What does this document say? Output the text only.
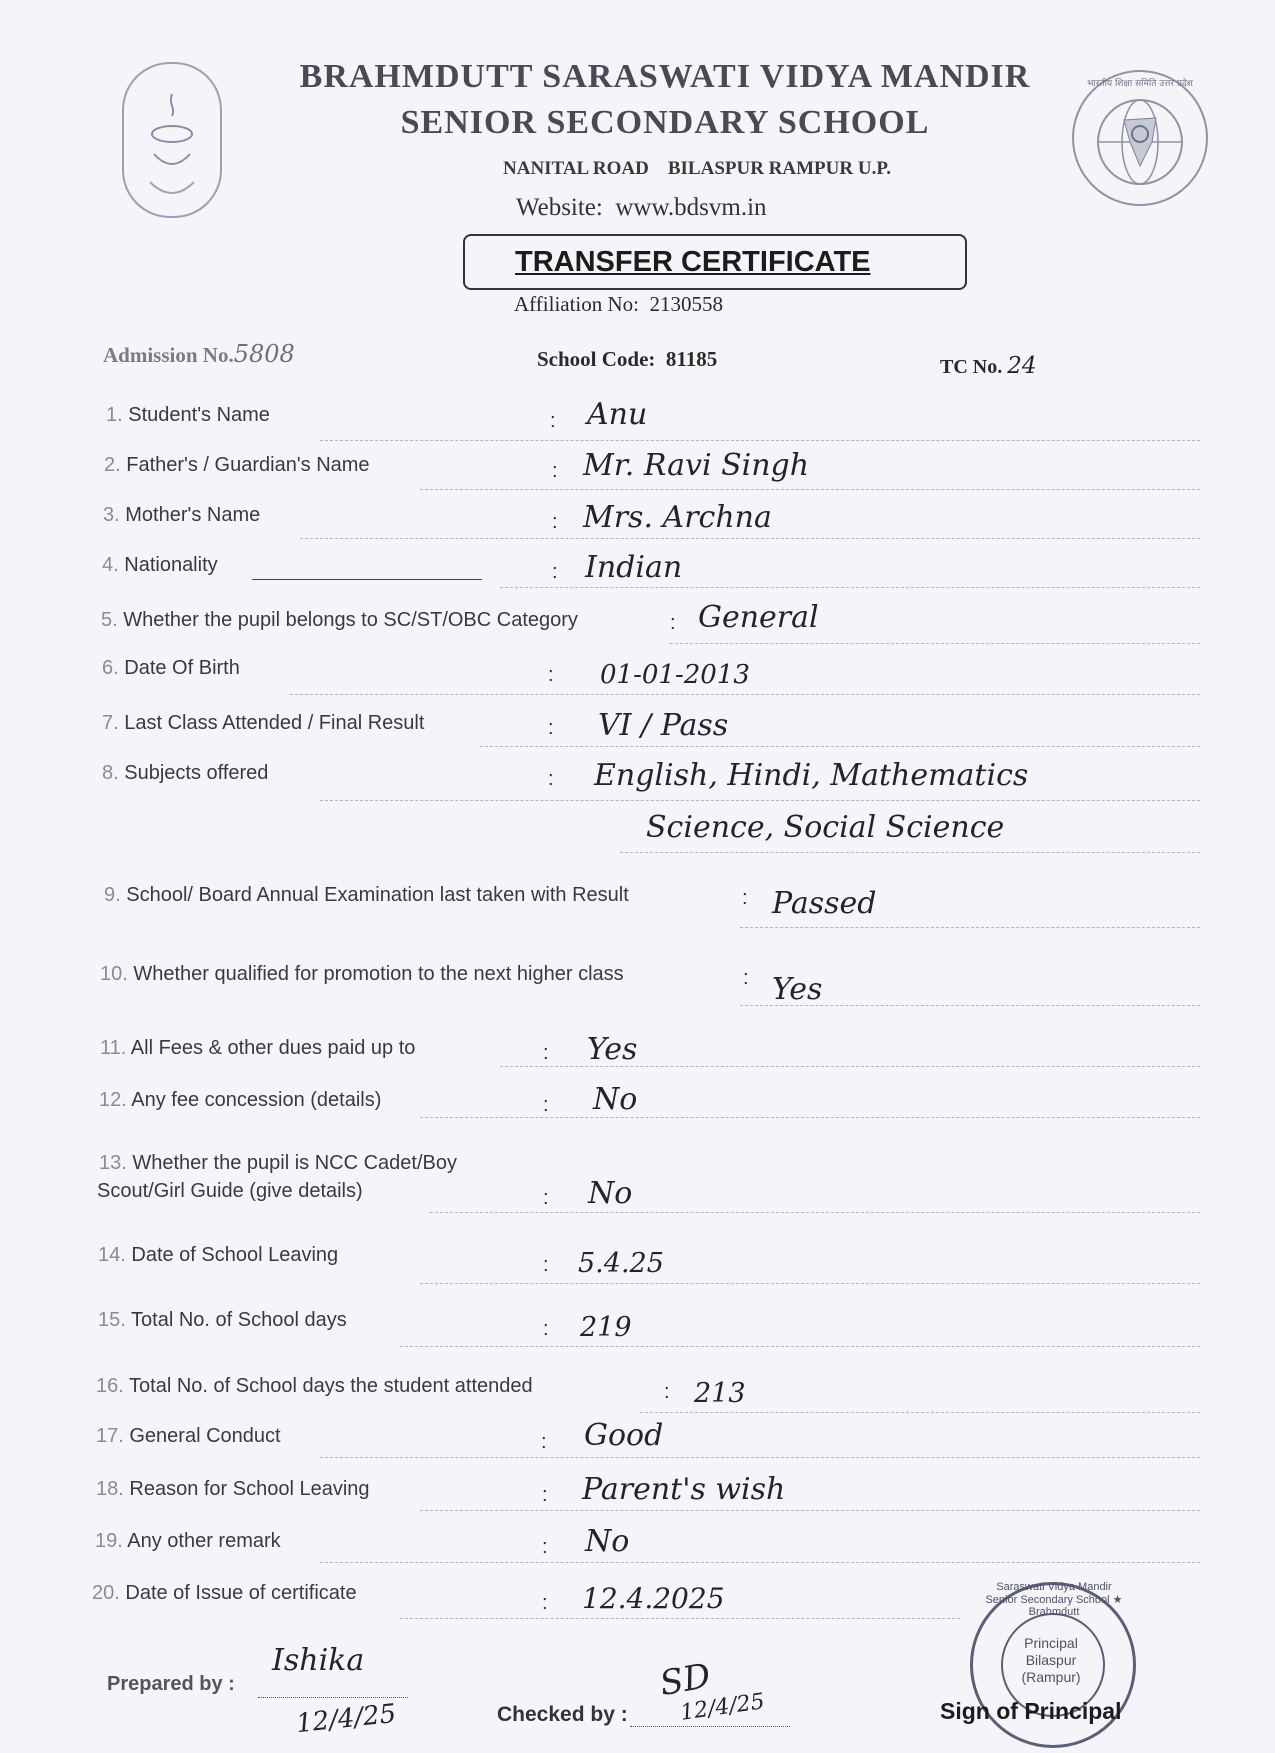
BRAHMDUTT SARASWATI VIDYA MANDIR
SENIOR SECONDARY SCHOOL
NANITAL ROAD    BILASPUR RAMPUR U.P.
Website:  www.bdsvm.in
भारतीय शिक्षा समिति उत्तर प्रदेश
TRANSFER CERTIFICATE
Affiliation No:  2130558
Admission No.5808	School Code:  81185	TC No. 24
1. Student's Name	: Anu
2. Father's / Guardian's Name	: Mr. Ravi Singh
3. Mother's Name	: Mrs. Archna
4. Nationality	: Indian
5. Whether the pupil belongs to SC/ST/OBC Category	: General
6. Date Of Birth	: 01-01-2013
7. Last Class Attended / Final Result	: VI / Pass
8. Subjects offered	: English, Hindi, Mathematics
Science, Social Science
9. School/ Board Annual Examination last taken with Result	: Passed
10. Whether qualified for promotion to the next higher class	: Yes
11. All Fees & other dues paid up to	: Yes
12. Any fee concession (details)	: No
13. Whether the pupil is NCC Cadet/Boy
Scout/Girl Guide (give details)	: No
14. Date of School Leaving	: 5.4.25
15. Total No. of School days	: 219
16. Total No. of School days the student attended	: 213
17. General Conduct	: Good
18. Reason for School Leaving	: Parent's wish
19. Any other remark	: No
20. Date of Issue of certificate	: 12.4.2025
Prepared by :
Ishika
12/4/25	Checked by :
SD
12/4/25
Saraswati Vidya Mandir Senior Secondary School ★ Brahmdutt
Principal Bilaspur (Rampur)
Sign of Principal
